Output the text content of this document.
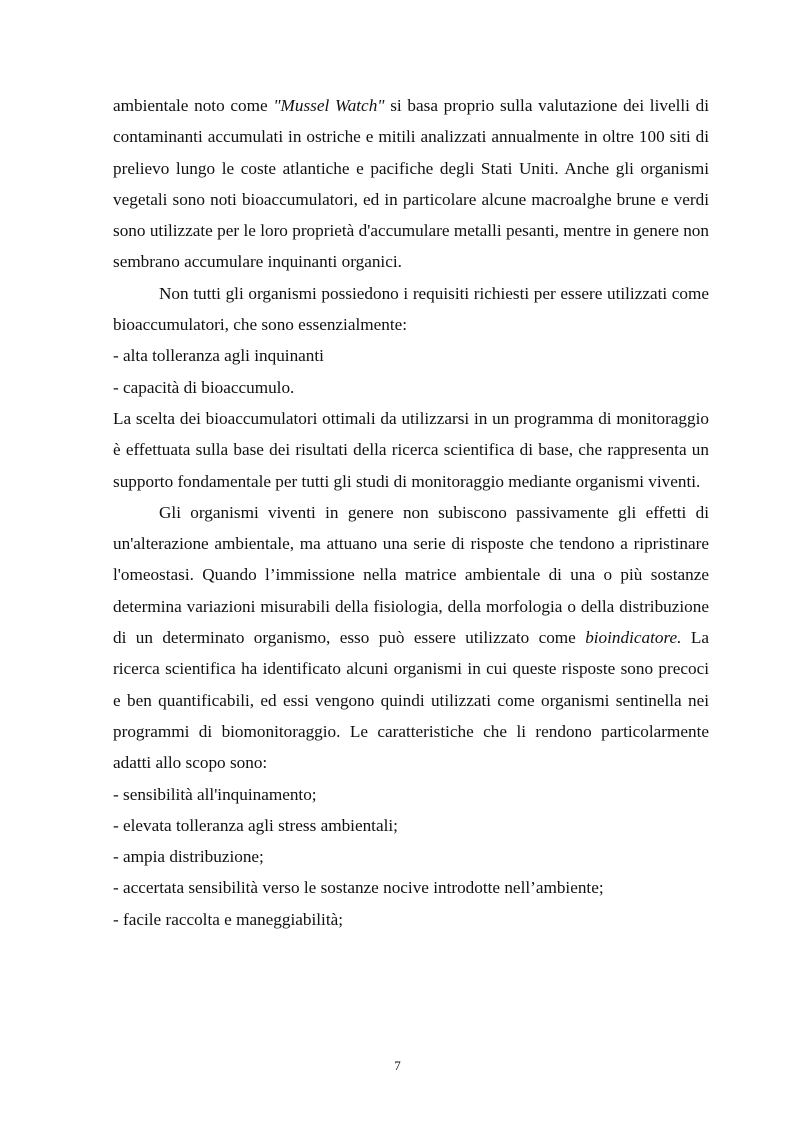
ambientale noto come "Mussel Watch" si basa proprio sulla valutazione dei livelli di contaminanti accumulati in ostriche e mitili analizzati annualmente in oltre 100 siti di prelievo lungo le coste atlantiche e pacifiche degli Stati Uniti. Anche gli organismi vegetali sono noti bioaccumulatori, ed in particolare alcune macroalghe brune e verdi sono utilizzate per le loro proprietà d'accumulare metalli pesanti, mentre in genere non sembrano accumulare inquinanti organici.

Non tutti gli organismi possiedono i requisiti richiesti per essere utilizzati come bioaccumulatori, che sono essenzialmente:

- alta tolleranza agli inquinanti

- capacità di bioaccumulo.

La scelta dei bioaccumulatori ottimali da utilizzarsi in un programma di monitoraggio è effettuata sulla base dei risultati della ricerca scientifica di base, che rappresenta un supporto fondamentale per tutti gli studi di monitoraggio mediante organismi viventi.

Gli organismi viventi in genere non subiscono passivamente gli effetti di un'alterazione ambientale, ma attuano una serie di risposte che tendono a ripristinare l'omeostasi. Quando l’immissione nella matrice ambientale di una o più sostanze determina variazioni misurabili della fisiologia, della morfologia o della distribuzione di un determinato organismo, esso può essere utilizzato come bioindicatore. La ricerca scientifica ha identificato alcuni organismi in cui queste risposte sono precoci e ben quantificabili, ed essi vengono quindi utilizzati come organismi sentinella nei programmi di biomonitoraggio. Le caratteristiche che li rendono particolarmente adatti allo scopo sono:

- sensibilità all'inquinamento;

- elevata tolleranza agli stress ambientali;

- ampia distribuzione;

- accertata sensibilità verso le sostanze nocive introdotte nell’ambiente;

- facile raccolta e maneggiabilità;

7
